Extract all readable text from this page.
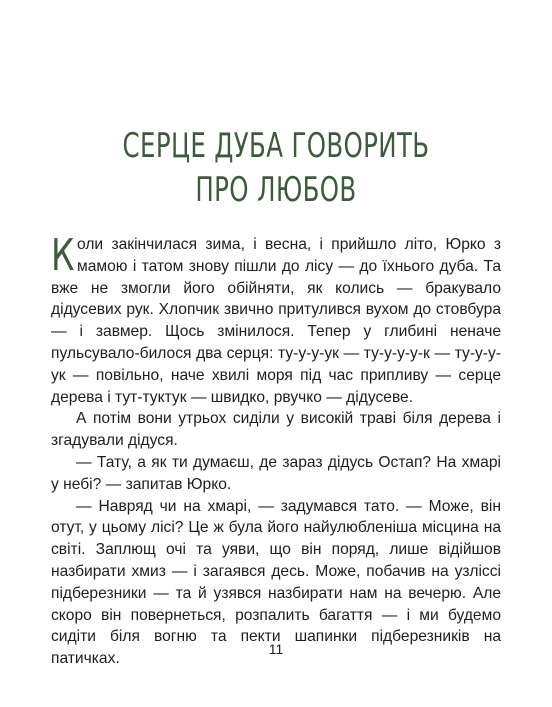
СЕРЦЕ ДУБА ГОВОРИТЬ
ПРО ЛЮБОВ

Коли закінчилася зима, і весна, і прийшло літо, Юрко з мамою і татом знову пішли до лісу — до їхнього дуба. Та вже не змогли його обійняти, як колись — бракувало дідусевих рук. Хлопчик звично притулився вухом до стовбура — і завмер. Щось змінилося. Тепер у глибині неначе пульсувало-билося два серця: ту-у-у-ук — ту-у-у-у-к — ту-у-у-ук — повільно, наче хвилі моря під час припливу — серце дерева і тут-туктук — швидко, рвучко — дідусеве.

А потім вони утрьох сиділи у високій траві біля дерева і згадували дідуся.

— Тату, а як ти думаєш, де зараз дідусь Остап? На хмарі у небі? — запитав Юрко.

— Навряд чи на хмарі, — задумався тато. — Може, він отут, у цьому лісі? Це ж була його найулюбленіша місцина на світі. Заплющ очі та уяви, що він поряд, лише відійшов назбирати хмиз — і загаявся десь. Може, побачив на узліссі підберезники — та й узявся назбирати нам на вечерю. Але скоро він повернеться, розпалить багаття — і ми будемо сидіти біля вогню та пекти шапинки підберезників на патичках.

11
